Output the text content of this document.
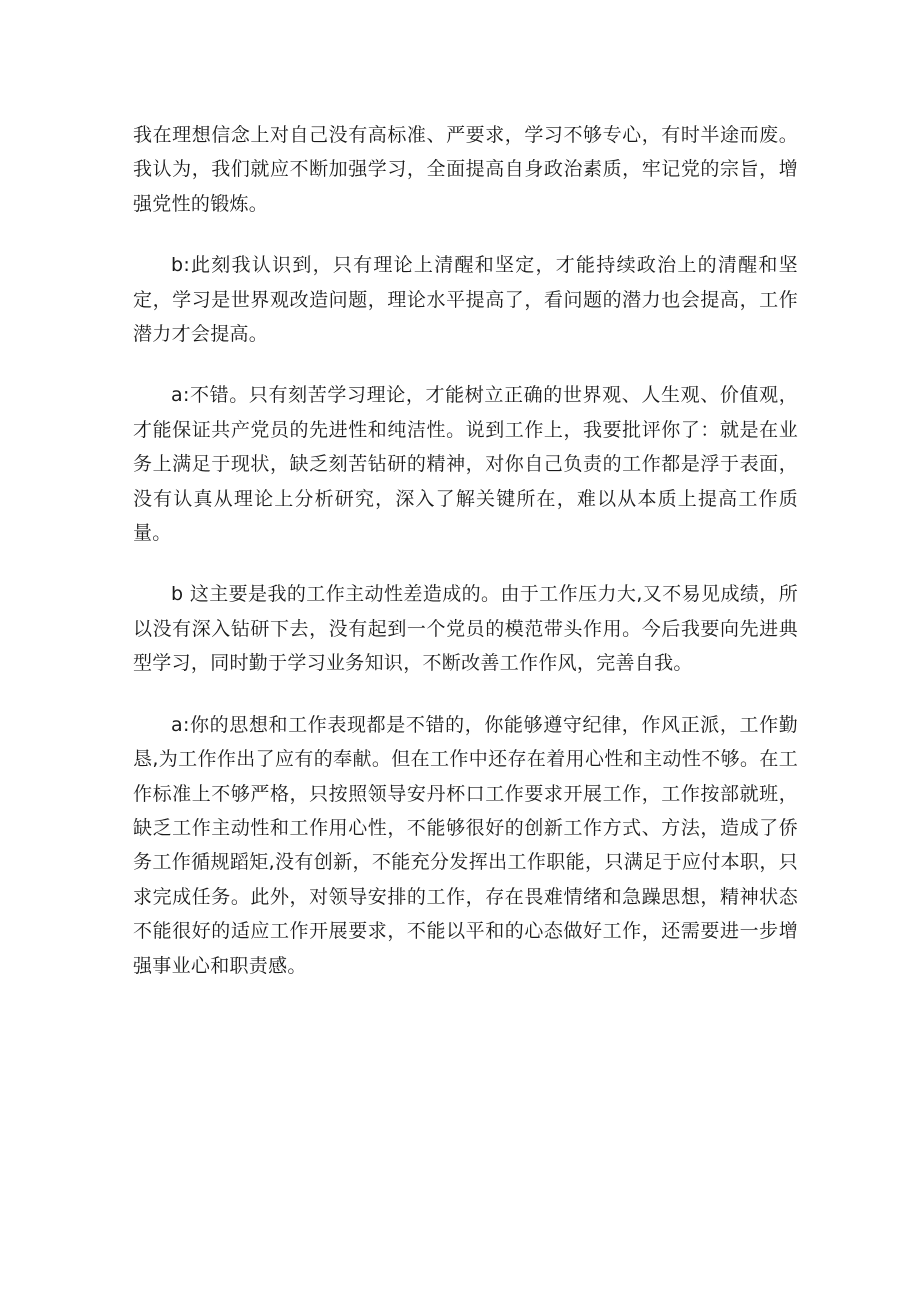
我在理想信念上对自己没有高标准、严要求，学习不够专心，有时半途而废。我认为，我们就应不断加强学习，全面提高自身政治素质，牢记党的宗旨，增强党性的锻炼。

b:此刻我认识到，只有理论上清醒和坚定，才能持续政治上的清醒和坚定，学习是世界观改造问题，理论水平提高了，看问题的潜力也会提高，工作潜力才会提高。

a:不错。只有刻苦学习理论，才能树立正确的世界观、人生观、价值观，才能保证共产党员的先进性和纯洁性。说到工作上，我要批评你了：就是在业务上满足于现状，缺乏刻苦钻研的精神，对你自己负责的工作都是浮于表面，没有认真从理论上分析研究，深入了解关键所在，难以从本质上提高工作质量。

b 这主要是我的工作主动性差造成的。由于工作压力大,又不易见成绩，所以没有深入钻研下去，没有起到一个党员的模范带头作用。今后我要向先进典型学习，同时勤于学习业务知识，不断改善工作作风，完善自我。

a:你的思想和工作表现都是不错的，你能够遵守纪律，作风正派，工作勤恳,为工作作出了应有的奉献。但在工作中还存在着用心性和主动性不够。在工作标准上不够严格，只按照领导安丹杯口工作要求开展工作，工作按部就班，缺乏工作主动性和工作用心性，不能够很好的创新工作方式、方法，造成了侨务工作循规蹈矩,没有创新，不能充分发挥出工作职能，只满足于应付本职，只求完成任务。此外，对领导安排的工作，存在畏难情绪和急躁思想，精神状态不能很好的适应工作开展要求，不能以平和的心态做好工作，还需要进一步增强事业心和职责感。
